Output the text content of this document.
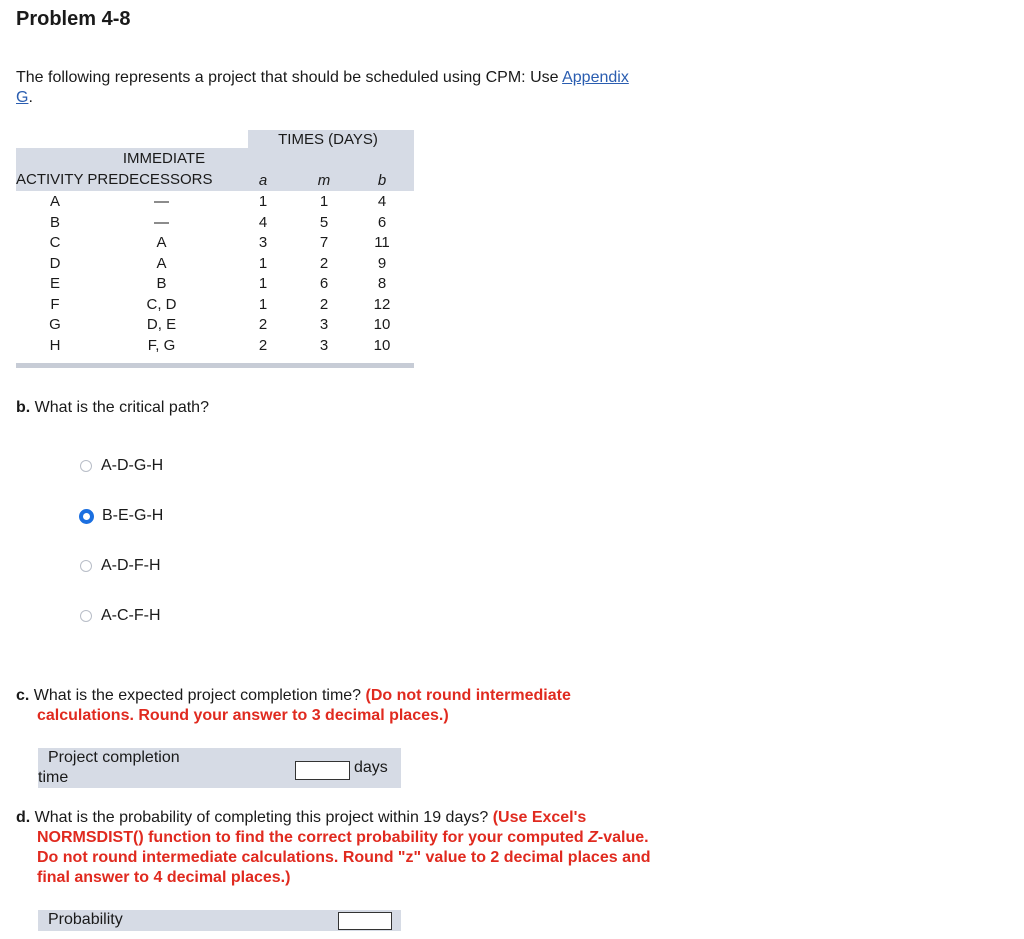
Problem 4-8
The following represents a project that should be scheduled using CPM: Use Appendix
G.
TIMES (DAYS)
IMMEDIATE
ACTIVITY PREDECESSORS	a	m	b
A	—	1	1	4
B	—	4	5	6
C	A	3	7	11
D	A	1	2	9
E	B	1	6	8
F	C, D	1	2	12
G	D, E	2	3	10
H	F, G	2	3	10
b. What is the critical path?
A-D-G-H
B-E-G-H
A-D-F-H
A-C-F-H
c. What is the expected project completion time? (Do not round intermediate
calculations. Round your answer to 3 decimal places.)
Project completion
time
days
d. What is the probability of completing this project within 19 days? (Use Excel's
NORMSDIST() function to find the correct probability for your computed Z-value.
Do not round intermediate calculations. Round "z" value to 2 decimal places and
final answer to 4 decimal places.)
Probability
